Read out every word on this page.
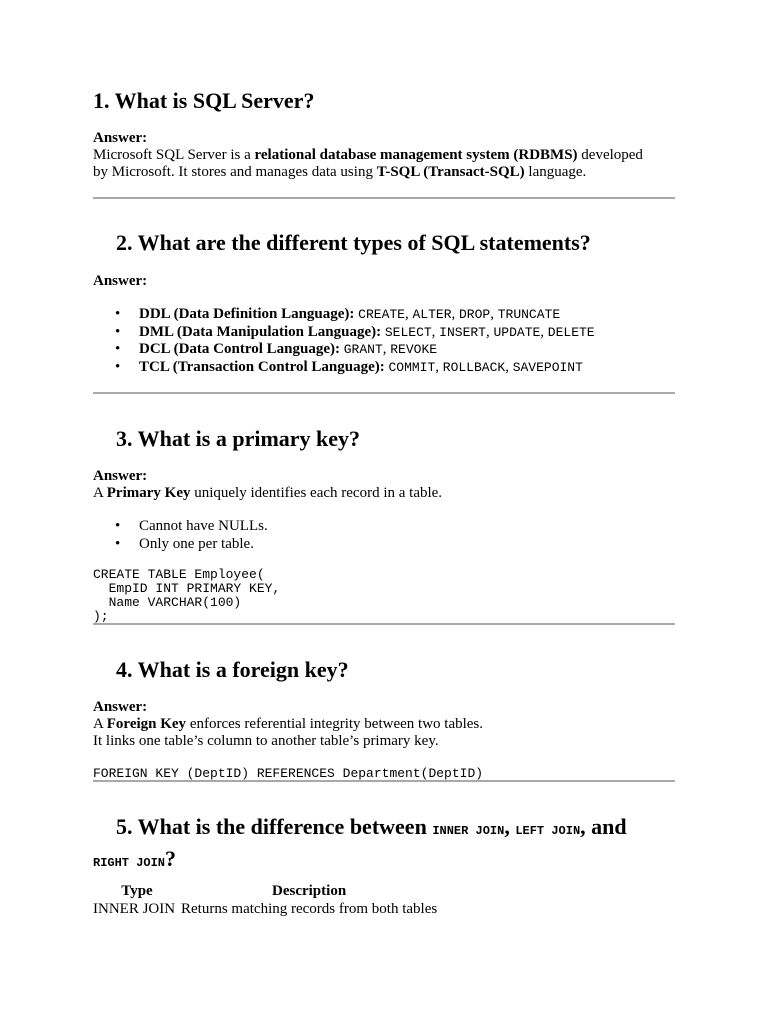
1. What is SQL Server?
Answer:
Microsoft SQL Server is a relational database management system (RDBMS) developed
by Microsoft. It stores and manages data using T-SQL (Transact-SQL) language.
2. What are the different types of SQL statements?
Answer:
• DDL (Data Definition Language): CREATE, ALTER, DROP, TRUNCATE
• DML (Data Manipulation Language): SELECT, INSERT, UPDATE, DELETE
• DCL (Data Control Language): GRANT, REVOKE
• TCL (Transaction Control Language): COMMIT, ROLLBACK, SAVEPOINT
3. What is a primary key?
Answer:
A Primary Key uniquely identifies each record in a table.
• Cannot have NULLs.
• Only one per table.
CREATE TABLE Employee(
EmpID INT PRIMARY KEY,
Name VARCHAR(100)
);
4. What is a foreign key?
Answer:
A Foreign Key enforces referential integrity between two tables.
It links one table’s column to another table’s primary key.
FOREIGN KEY (DeptID) REFERENCES Department(DeptID)
5. What is the difference between INNER JOIN, LEFT JOIN, and
RIGHT JOIN?
Type	Description
INNER JOIN	Returns matching records from both tables
